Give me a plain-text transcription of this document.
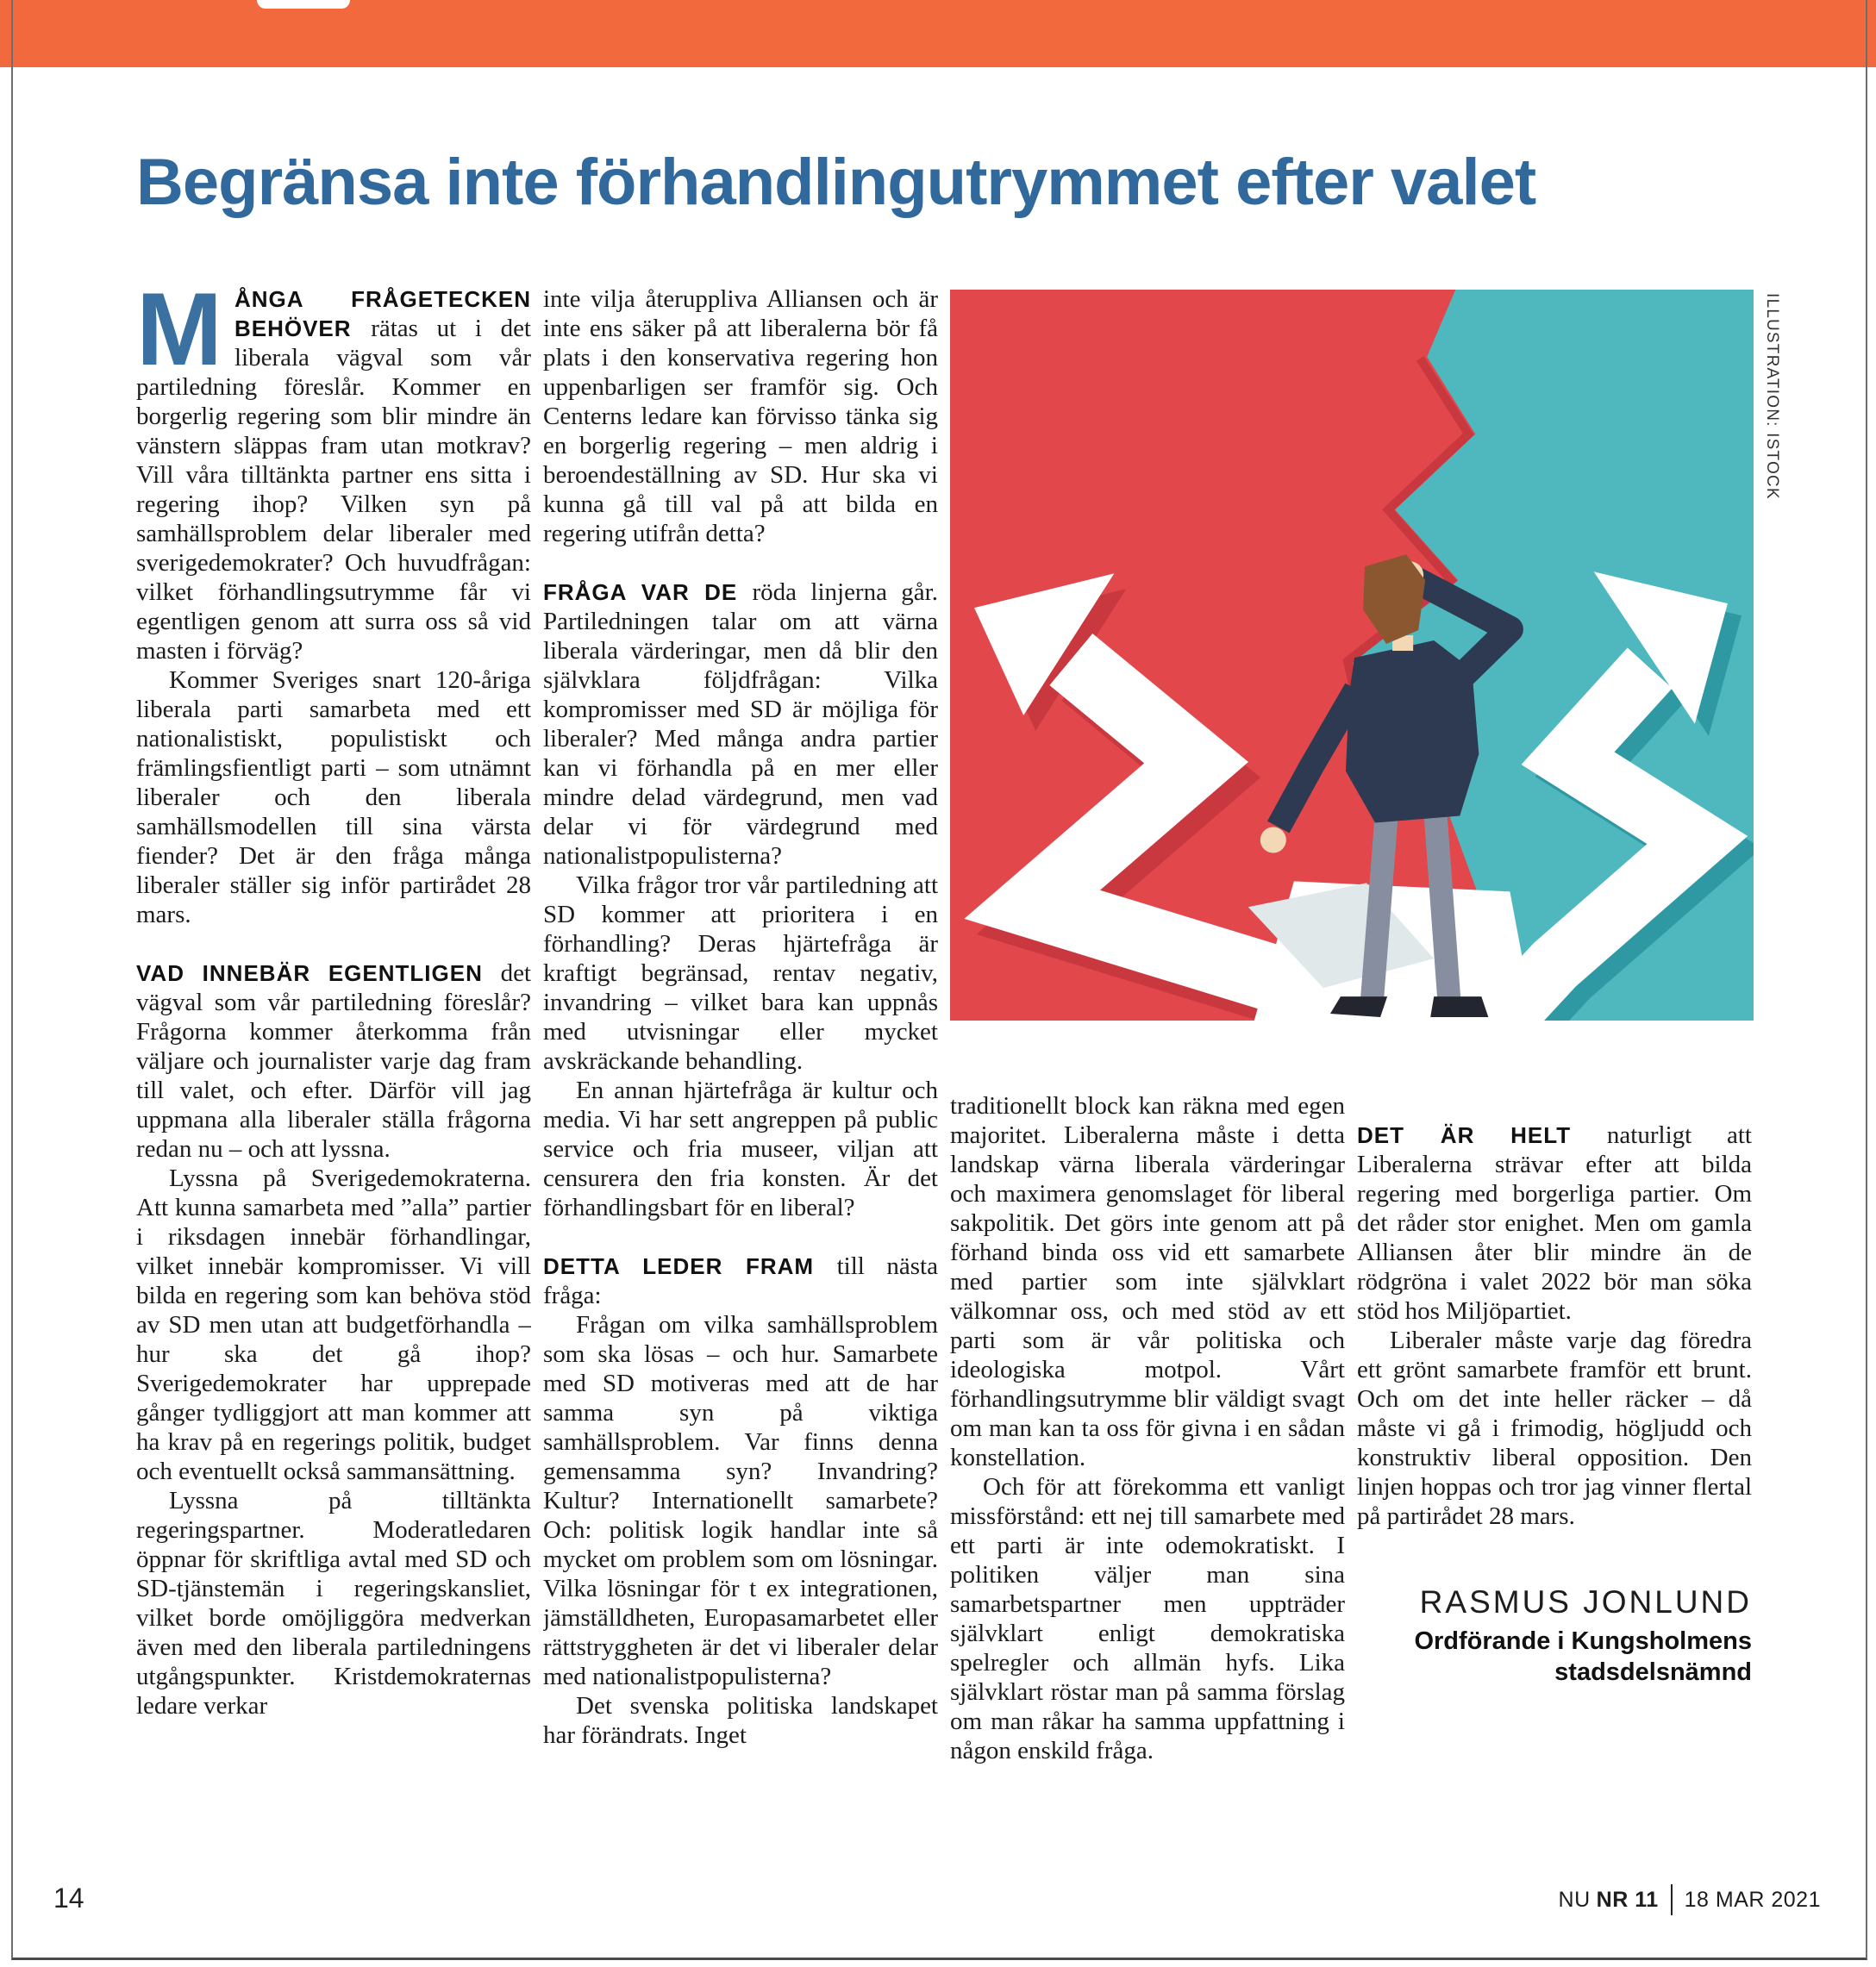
Begränsa inte förhandlingutrymmet efter valet

MÅNGA FRÅGETECKEN BEHÖVER rätas ut i det liberala vägval som vår partiledning föreslår. Kommer en borgerlig regering som blir mindre än vänstern släppas fram utan motkrav? Vill våra tilltänkta partner ens sitta i regering ihop? Vilken syn på samhällsproblem delar liberaler med sverigedemokrater? Och huvudfrågan: vilket förhandlingsutrymme får vi egentligen genom att surra oss så vid masten i förväg?

Kommer Sveriges snart 120-åriga liberala parti samarbeta med ett nationalistiskt, populistiskt och främlingsfientligt parti – som utnämnt liberaler och den liberala samhällsmodellen till sina värsta fiender? Det är den fråga många liberaler ställer sig inför partirådet 28 mars.

VAD INNEBÄR EGENTLIGEN det vägval som vår partiledning föreslår? Frågorna kommer återkomma från väljare och journalister varje dag fram till valet, och efter. Därför vill jag uppmana alla liberaler ställa frågorna redan nu – och att lyssna.

Lyssna på Sverigedemokraterna. Att kunna samarbeta med ”alla” partier i riksdagen innebär förhandlingar, vilket innebär kompromisser. Vi vill bilda en regering som kan behöva stöd av SD men utan att budgetförhandla – hur ska det gå ihop? Sverigedemokrater har upprepade gånger tydliggjort att man kommer att ha krav på en regerings politik, budget och eventuellt också sammansättning.

Lyssna på tilltänkta regeringspartner. Moderatledaren öppnar för skriftliga avtal med SD och SD-tjänstemän i regeringskansliet, vilket borde omöjliggöra medverkan även med den liberala partiledningens utgångspunkter. Kristdemokraternas ledare verkar

inte vilja återuppliva Alliansen och är inte ens säker på att liberalerna bör få plats i den konservativa regering hon uppenbarligen ser framför sig. Och Centerns ledare kan förvisso tänka sig en borgerlig regering – men aldrig i beroendeställning av SD. Hur ska vi kunna gå till val på att bilda en regering utifrån detta?

FRÅGA VAR DE röda linjerna går. Partiledningen talar om att värna liberala värderingar, men då blir den självklara följdfrågan: Vilka kompromisser med SD är möjliga för liberaler? Med många andra partier kan vi förhandla på en mer eller mindre delad värdegrund, men vad delar vi för värdegrund med nationalistpopulisterna?

Vilka frågor tror vår partiledning att SD kommer att prioritera i en förhandling? Deras hjärtefråga är kraftigt begränsad, rentav negativ, invandring – vilket bara kan uppnås med utvisningar eller mycket avskräckande behandling.

En annan hjärtefråga är kultur och media. Vi har sett angreppen på public service och fria museer, viljan att censurera den fria konsten. Är det förhandlingsbart för en liberal?

DETTA LEDER FRAM till nästa fråga:

Frågan om vilka samhällsproblem som ska lösas – och hur. Samarbete med SD motiveras med att de har samma syn på viktiga samhällsproblem. Var finns denna gemensamma syn? Invandring? Kultur? Internationellt samarbete? Och: politisk logik handlar inte så mycket om problem som om lösningar. Vilka lösningar för t ex integrationen, jämställdheten, Europasamarbetet eller rättstryggheten är det vi liberaler delar med nationalistpopulisterna?

Det svenska politiska landskapet har förändrats. Inget

traditionellt block kan räkna med egen majoritet. Liberalerna måste i detta landskap värna liberala värderingar och maximera genomslaget för liberal sakpolitik. Det görs inte genom att på förhand binda oss vid ett samarbete med partier som inte självklart välkomnar oss, och med stöd av ett parti som är vår politiska och ideologiska motpol. Vårt förhandlingsutrymme blir väldigt svagt om man kan ta oss för givna i en sådan konstellation.

Och för att förekomma ett vanligt missförstånd: ett nej till samarbete med ett parti är inte odemokratiskt. I politiken väljer man sina samarbetspartner men uppträder självklart enligt demokratiska spelregler och allmän hyfs. Lika självklart röstar man på samma förslag om man råkar ha samma uppfattning i någon enskild fråga.

DET ÄR HELT naturligt att Liberalerna strävar efter att bilda regering med borgerliga partier. Om det råder stor enighet. Men om gamla Alliansen åter blir mindre än de rödgröna i valet 2022 bör man söka stöd hos Miljöpartiet.

Liberaler måste varje dag föredra ett grönt samarbete framför ett brunt. Och om det inte heller räcker – då måste vi gå i frimodig, högljudd och konstruktiv liberal opposition. Den linjen hoppas och tror jag vinner flertal på partirådet 28 mars.

ILLUSTRATION: ISTOCK
RASMUS JONLUND
Ordförande i Kungsholmens stadsdelsnämnd
14	NU NR 11 18 MAR 2021
